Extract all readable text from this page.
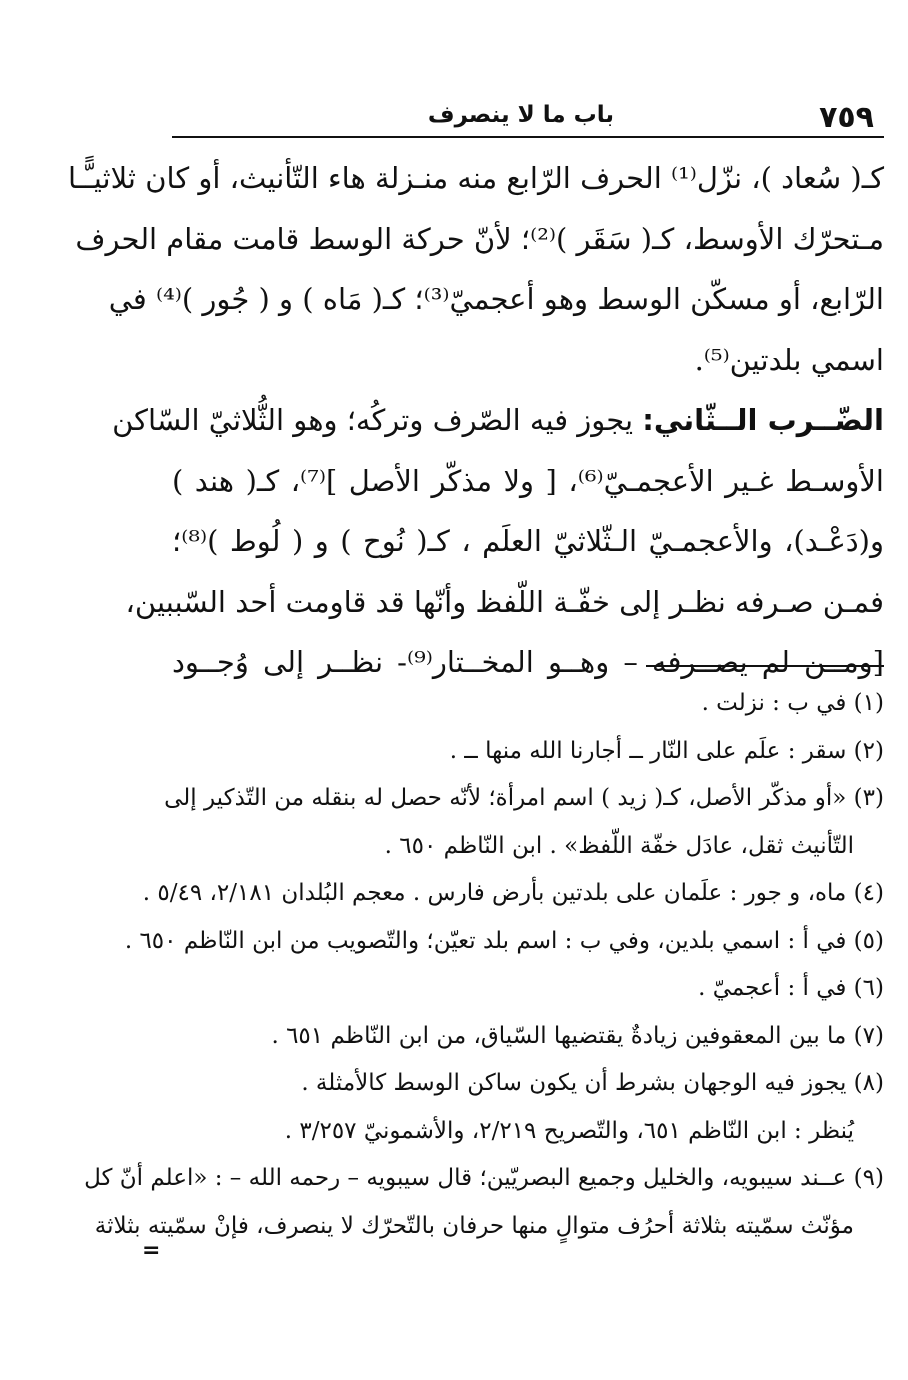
٧٥٩
باب ما لا ينصرف
كـ( سُعاد )، نزّل⁽¹⁾ الحرف الرّابع منه منـزلة هاء التّأنيث، أو كان ثلاثيـًّـا
مـتحرّك الأوسط، كـ( سَقَر )⁽²⁾؛ لأنّ حركة الوسط قامت مقام الحرف
الرّابع، أو مسكّن الوسط وهو أعجميّ⁽³⁾؛ كـ( مَاه ) و ( جُور )⁽⁴⁾ في
اسمي بلدتين⁽⁵⁾.
الضّــرب الــثّاني: يجوز فيه الصّرف وتركُه؛ وهو الثُّلاثيّ السّاكن
الأوسـط غـير الأعجمـيّ⁽⁶⁾، [ ولا مذكّر الأصل ]⁽⁷⁾، كـ( هند )
و(دَعْـد)، والأعجمـيّ الـثّلاثيّ العلَم ، كـ( نُوح ) و ( لُوط )⁽⁸⁾؛
فمـن صـرفه نظـر إلى خفّـة اللّفظ وأنّها قد قاومت أحد السّببين،
[ومــن لم يصــرفه – وهــو المخــتار⁽⁹⁾- نظــر إلى وُجــود
(١) في ب : نزلت .
(٢) سقر : علَم على النّار ــ أجارنا الله منها ــ .
(٣) «أو مذكّر الأصل، كـ( زيد ) اسم امرأة؛ لأنّه حصل له بنقله من التّذكير إلى
التّأنيث ثقل، عادَل خفّة اللّفظ» . ابن النّاظم ٦٥٠ .
(٤) ماه، و جور : علَمان على بلدتين بأرض فارس . معجم البُلدان ٢/١٨١، ٥/٤٩ .
(٥) في أ : اسمي بلدين، وفي ب : اسم بلد تعيّن؛ والتّصويب من ابن النّاظم ٦٥٠ .
(٦) في أ : أعجميّ .
(٧) ما بين المعقوفين زيادةٌ يقتضيها السّياق، من ابن النّاظم ٦٥١ .
(٨) يجوز فيه الوجهان بشرط أن يكون ساكن الوسط كالأمثلة .
يُنظر : ابن النّاظم ٦٥١، والتّصريح ٢/٢١٩، والأشمونيّ ٣/٢٥٧ .
(٩) عــند سيبويه، والخليل وجميع البصريّين؛ قال سيبويه – رحمه الله – : «اعلم أنّ كل
مؤنّث سمّيته بثلاثة أحرُف متوالٍ منها حرفان بالتّحرّك لا ينصرف، فإنْ سمّيته بثلاثة
=
